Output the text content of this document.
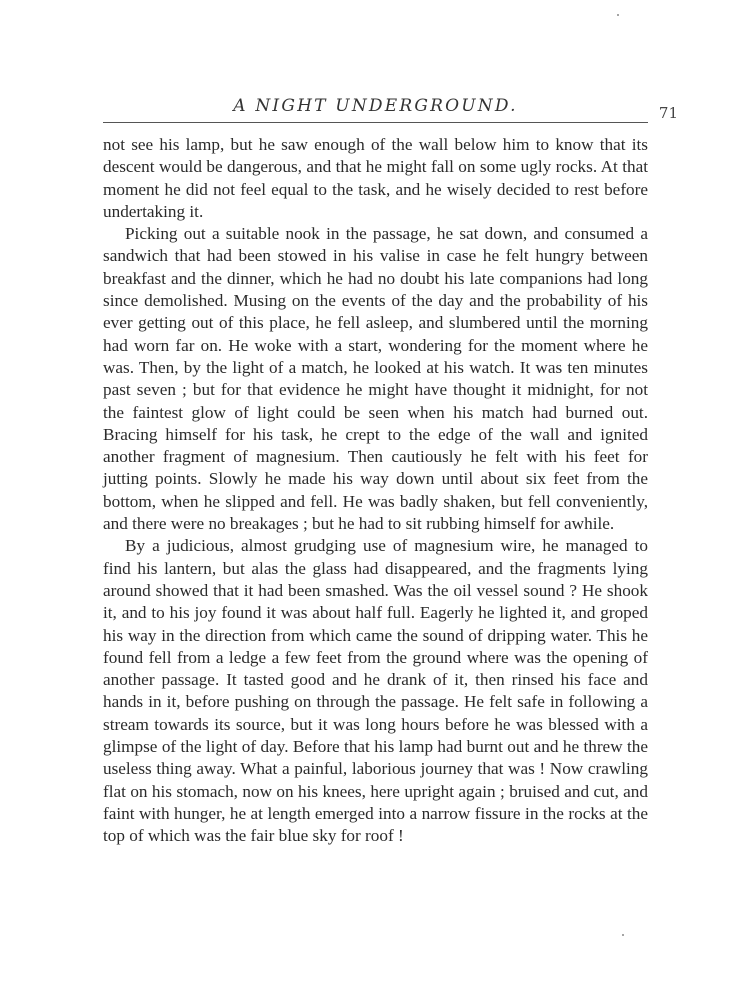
A NIGHT UNDERGROUND.	71

not see his lamp, but he saw enough of the wall below him to know that its descent would be dangerous, and that he might fall on some ugly rocks. At that moment he did not feel equal to the task, and he wisely decided to rest before undertaking it.

Picking out a suitable nook in the passage, he sat down, and consumed a sandwich that had been stowed in his valise in case he felt hungry between breakfast and the dinner, which he had no doubt his late companions had long since demolished. Musing on the events of the day and the probability of his ever getting out of this place, he fell asleep, and slumbered until the morning had worn far on. He woke with a start, wondering for the moment where he was. Then, by the light of a match, he looked at his watch. It was ten minutes past seven ; but for that evidence he might have thought it midnight, for not the faintest glow of light could be seen when his match had burned out. Bracing himself for his task, he crept to the edge of the wall and ignited another fragment of magnesium. Then cautiously he felt with his feet for jutting points. Slowly he made his way down until about six feet from the bottom, when he slipped and fell. He was badly shaken, but fell conveniently, and there were no breakages ; but he had to sit rubbing himself for awhile.

By a judicious, almost grudging use of magnesium wire, he managed to find his lantern, but alas the glass had disappeared, and the fragments lying around showed that it had been smashed. Was the oil vessel sound ? He shook it, and to his joy found it was about half full. Eagerly he lighted it, and groped his way in the direction from which came the sound of dripping water. This he found fell from a ledge a few feet from the ground where was the opening of another passage. It tasted good and he drank of it, then rinsed his face and hands in it, before pushing on through the passage. He felt safe in following a stream towards its source, but it was long hours before he was blessed with a glimpse of the light of day. Before that his lamp had burnt out and he threw the useless thing away. What a painful, laborious journey that was ! Now crawling flat on his stomach, now on his knees, here upright again ; bruised and cut, and faint with hunger, he at length emerged into a narrow fissure in the rocks at the top of which was the fair blue sky for roof !
